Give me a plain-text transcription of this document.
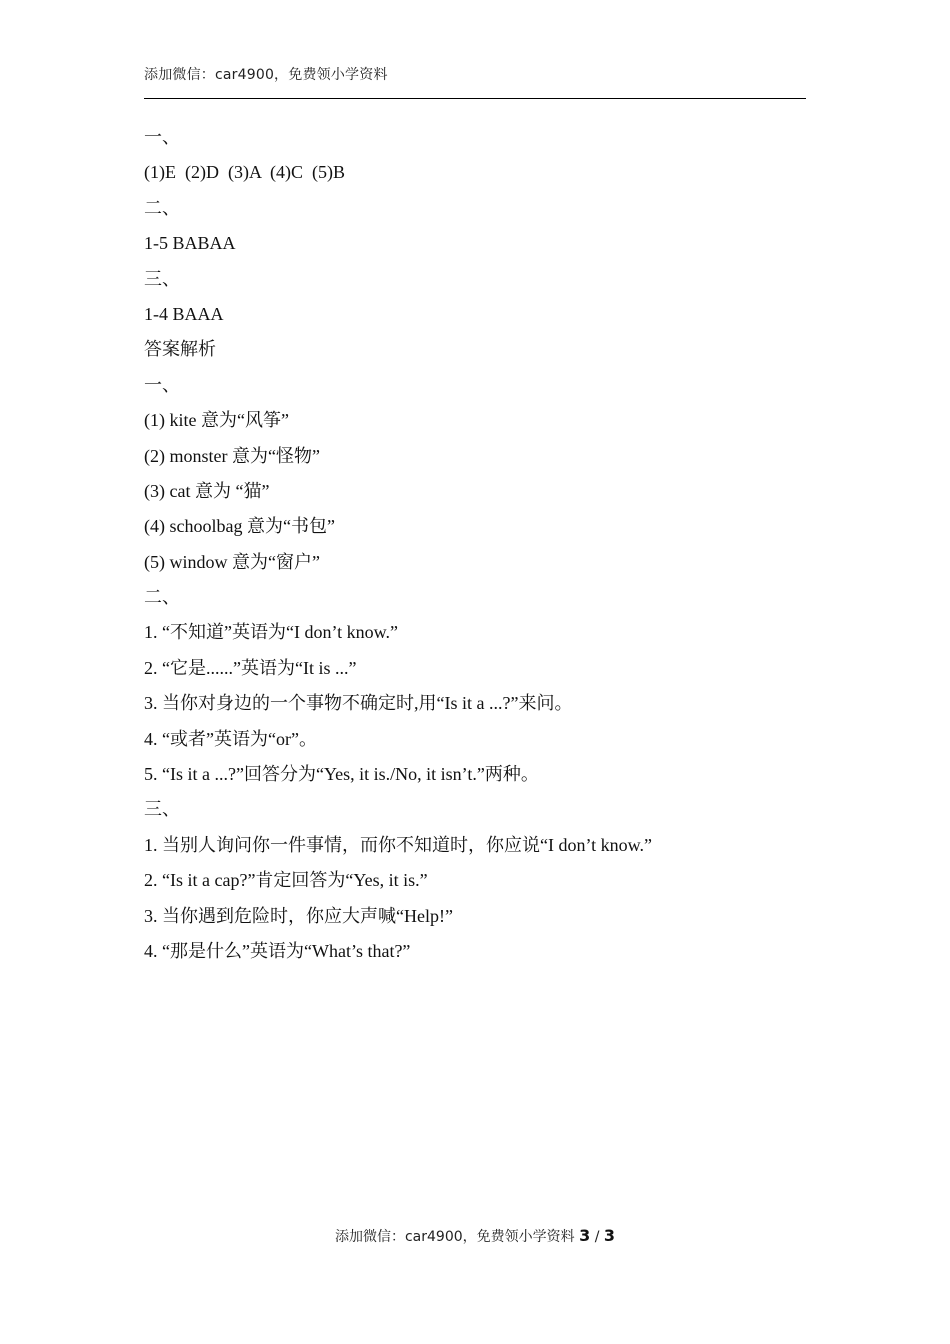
添加微信：car4900，免费领小学资料
一、
(1)E  (2)D  (3)A  (4)C  (5)B
二、
1-5 BABAA
三、
1-4 BAAA
答案解析
一、
(1) kite 意为“风筝”
(2) monster 意为“怪物”
(3) cat 意为 “猫”
(4) schoolbag 意为“书包”
(5) window 意为“窗户”
二、
1. “不知道”英语为“I don’t know.”
2. “它是......”英语为“It is ...”
3. 当你对身边的一个事物不确定时,用“Is it a ...?”来问。
4. “或者”英语为“or”。
5. “Is it a ...?”回答分为“Yes, it is./No, it isn’t.”两种。
三、
1. 当别人询问你一件事情，而你不知道时，你应说“I don’t know.”
2. “Is it a cap?”肯定回答为“Yes, it is.”
3. 当你遇到危险时，你应大声喊“Help!”
4. “那是什么”英语为“What’s that?”
添加微信：car4900，免费领小学资料 3 / 3
